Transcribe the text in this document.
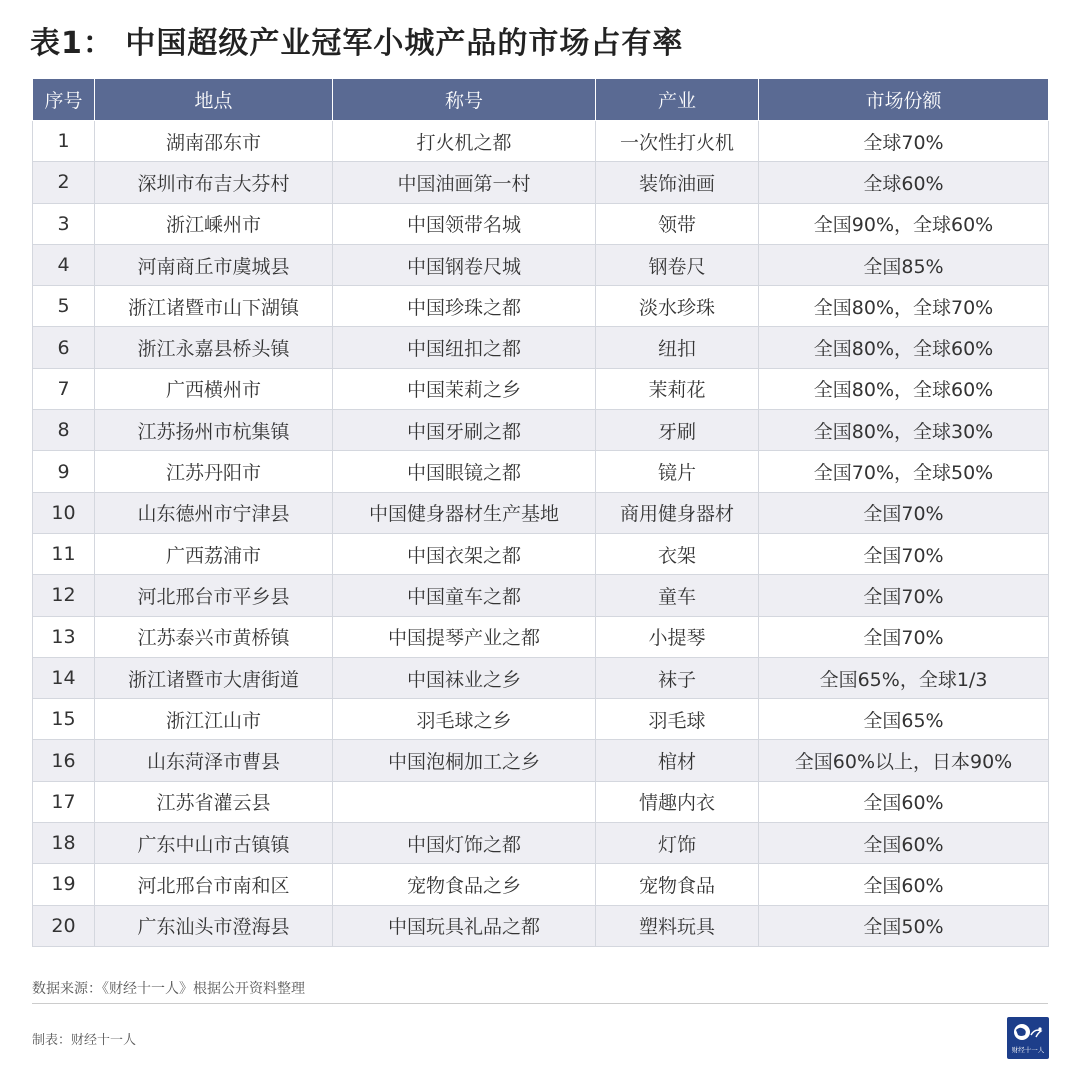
表1： 中国超级产业冠军小城产品的市场占有率
序号	地点	称号	产业	市场份额
1	湖南邵东市	打火机之都	一次性打火机	全球70%
2	深圳市布吉大芬村	中国油画第一村	装饰油画	全球60%
3	浙江嵊州市	中国领带名城	领带	全国90%，全球60%
4	河南商丘市虞城县	中国钢卷尺城	钢卷尺	全国85%
5	浙江诸暨市山下湖镇	中国珍珠之都	淡水珍珠	全国80%，全球70%
6	浙江永嘉县桥头镇	中国纽扣之都	纽扣	全国80%，全球60%
7	广西横州市	中国茉莉之乡	茉莉花	全国80%，全球60%
8	江苏扬州市杭集镇	中国牙刷之都	牙刷	全国80%，全球30%
9	江苏丹阳市	中国眼镜之都	镜片	全国70%，全球50%
10	山东德州市宁津县	中国健身器材生产基地	商用健身器材	全国70%
11	广西荔浦市	中国衣架之都	衣架	全国70%
12	河北邢台市平乡县	中国童车之都	童车	全国70%
13	江苏泰兴市黄桥镇	中国提琴产业之都	小提琴	全国70%
14	浙江诸暨市大唐街道	中国袜业之乡	袜子	全国65%，全球1/3
15	浙江江山市	羽毛球之乡	羽毛球	全国65%
16	山东菏泽市曹县	中国泡桐加工之乡	棺材	全国60%以上，日本90%
17	江苏省灌云县		情趣内衣	全国60%
18	广东中山市古镇镇	中国灯饰之都	灯饰	全国60%
19	河北邢台市南和区	宠物食品之乡	宠物食品	全国60%
20	广东汕头市澄海县	中国玩具礼品之都	塑料玩具	全国50%
数据来源：《财经十一人》根据公开资料整理
制表：财经十一人
财经十一人
